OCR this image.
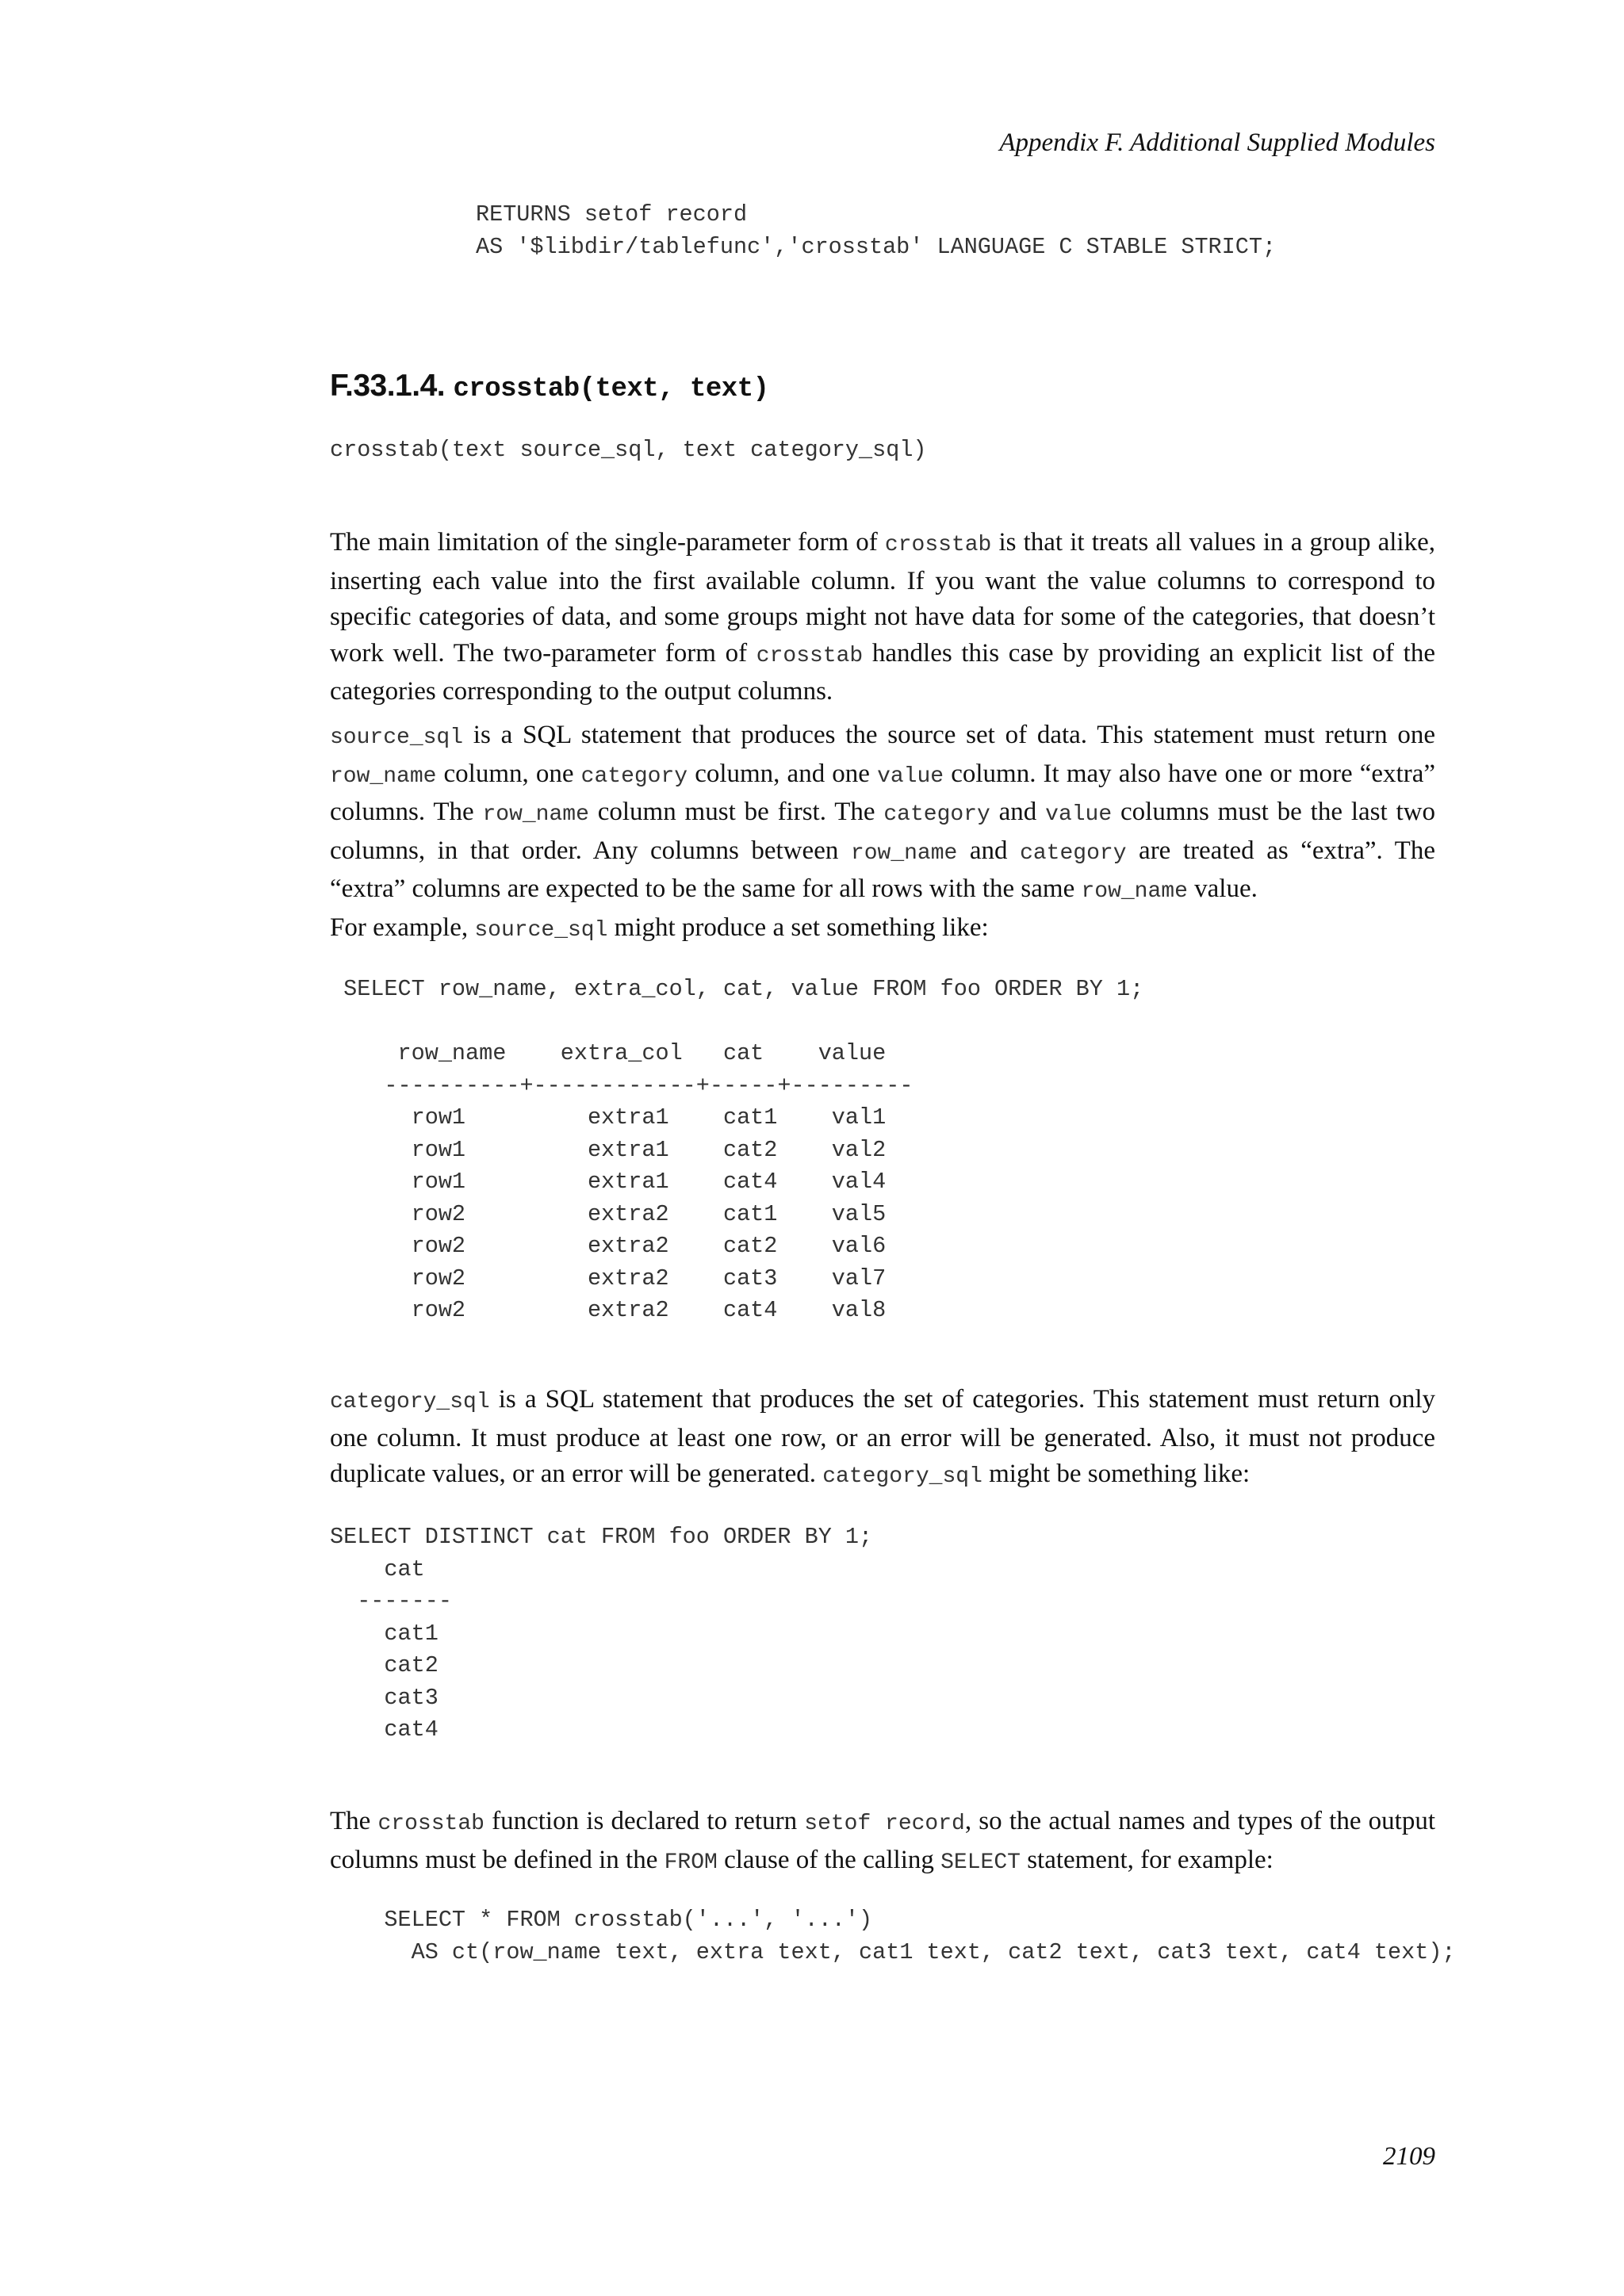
Appendix F. Additional Supplied Modules
RETURNS setof record
AS '$libdir/tablefunc','crosstab' LANGUAGE C STABLE STRICT;
F.33.1.4. crosstab(text, text)
crosstab(text source_sql, text category_sql)

The main limitation of the single-parameter form of crosstab is that it treats all values in a group alike, inserting each value into the first available column. If you want the value columns to correspond to specific categories of data, and some groups might not have data for some of the categories, that doesn’t work well. The two-parameter form of crosstab handles this case by providing an explicit list of the categories corresponding to the output columns.

source_sql is a SQL statement that produces the source set of data. This statement must return one row_name column, one category column, and one value column. It may also have one or more “extra” columns. The row_name column must be first. The category and value columns must be the last two columns, in that order. Any columns between row_name and category are treated as “extra”. The “extra” columns are expected to be the same for all rows with the same row_name value.

For example, source_sql might produce a set something like:

SELECT row_name, extra_col, cat, value FROM foo ORDER BY 1;

row_name    extra_col   cat    value
----------+------------+-----+---------
row1         extra1    cat1    val1
row1         extra1    cat2    val2
row1         extra1    cat4    val4
row2         extra2    cat1    val5
row2         extra2    cat2    val6
row2         extra2    cat3    val7
row2         extra2    cat4    val8

category_sql is a SQL statement that produces the set of categories. This statement must return only one column. It must produce at least one row, or an error will be generated. Also, it must not produce duplicate values, or an error will be generated. category_sql might be something like:

SELECT DISTINCT cat FROM foo ORDER BY 1;
cat
-------
cat1
cat2
cat3
cat4

The crosstab function is declared to return setof record, so the actual names and types of the output columns must be defined in the FROM clause of the calling SELECT statement, for example:

SELECT * FROM crosstab('...', '...')
AS ct(row_name text, extra text, cat1 text, cat2 text, cat3 text, cat4 text);
2109
